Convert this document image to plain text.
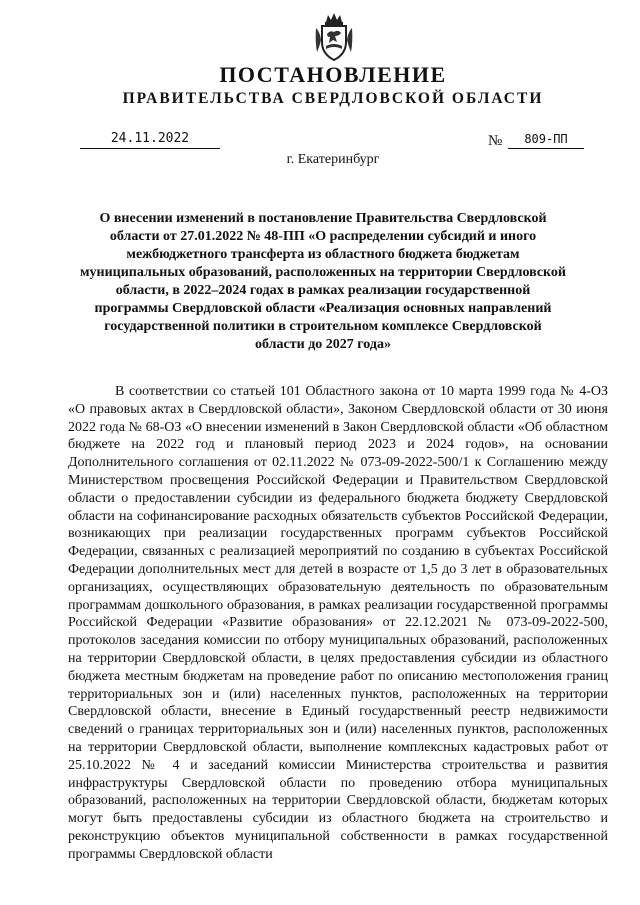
ПОСТАНОВЛЕНИЕ
ПРАВИТЕЛЬСТВА СВЕРДЛОВСКОЙ ОБЛАСТИ
24.11.2022	№	809-ПП
г. Екатеринбург
О внесении изменений в постановление Правительства Свердловской области от 27.01.2022 № 48-ПП «О распределении субсидий и иного межбюджетного трансферта из областного бюджета бюджетам муниципальных образований, расположенных на территории Свердловской области, в 2022–2024 годах в рамках реализации государственной программы Свердловской области «Реализация основных направлений государственной политики в строительном комплексе Свердловской области до 2027 года»
В соответствии со статьей 101 Областного закона от 10 марта 1999 года № 4-ОЗ «О правовых актах в Свердловской области», Законом Свердловской области от 30 июня 2022 года № 68-ОЗ «О внесении изменений в Закон Свердловской области «Об областном бюджете на 2022 год и плановый период 2023 и 2024 годов», на основании Дополнительного соглашения от 02.11.2022 № 073-09-2022-500/1 к Соглашению между Министерством просвещения Российской Федерации и Правительством Свердловской области о предоставлении субсидии из федерального бюджета бюджету Свердловской области на софинансирование расходных обязательств субъектов Российской Федерации, возникающих при реализации государственных программ субъектов Российской Федерации, связанных с реализацией мероприятий по созданию в субъектах Российской Федерации дополнительных мест для детей в возрасте от 1,5 до 3 лет в образовательных организациях, осуществляющих образовательную деятельность по образовательным программам дошкольного образования, в рамках реализации государственной программы Российской Федерации «Развитие образования» от 22.12.2021 № 073-09-2022-500, протоколов заседания комиссии по отбору муниципальных образований, расположенных на территории Свердловской области, в целях предоставления субсидии из областного бюджета местным бюджетам на проведение работ по описанию местоположения границ территориальных зон и (или) населенных пунктов, расположенных на территории Свердловской области, внесение в Единый государственный реестр недвижимости сведений о границах территориальных зон и (или) населенных пунктов, расположенных на территории Свердловской области, выполнение комплексных кадастровых работ от 25.10.2022 № 4 и заседаний комиссии Министерства строительства и развития инфраструктуры Свердловской области по проведению отбора муниципальных образований, расположенных на территории Свердловской области, бюджетам которых могут быть предоставлены субсидии из областного бюджета на строительство и реконструкцию объектов муниципальной собственности в рамках государственной программы Свердловской области
